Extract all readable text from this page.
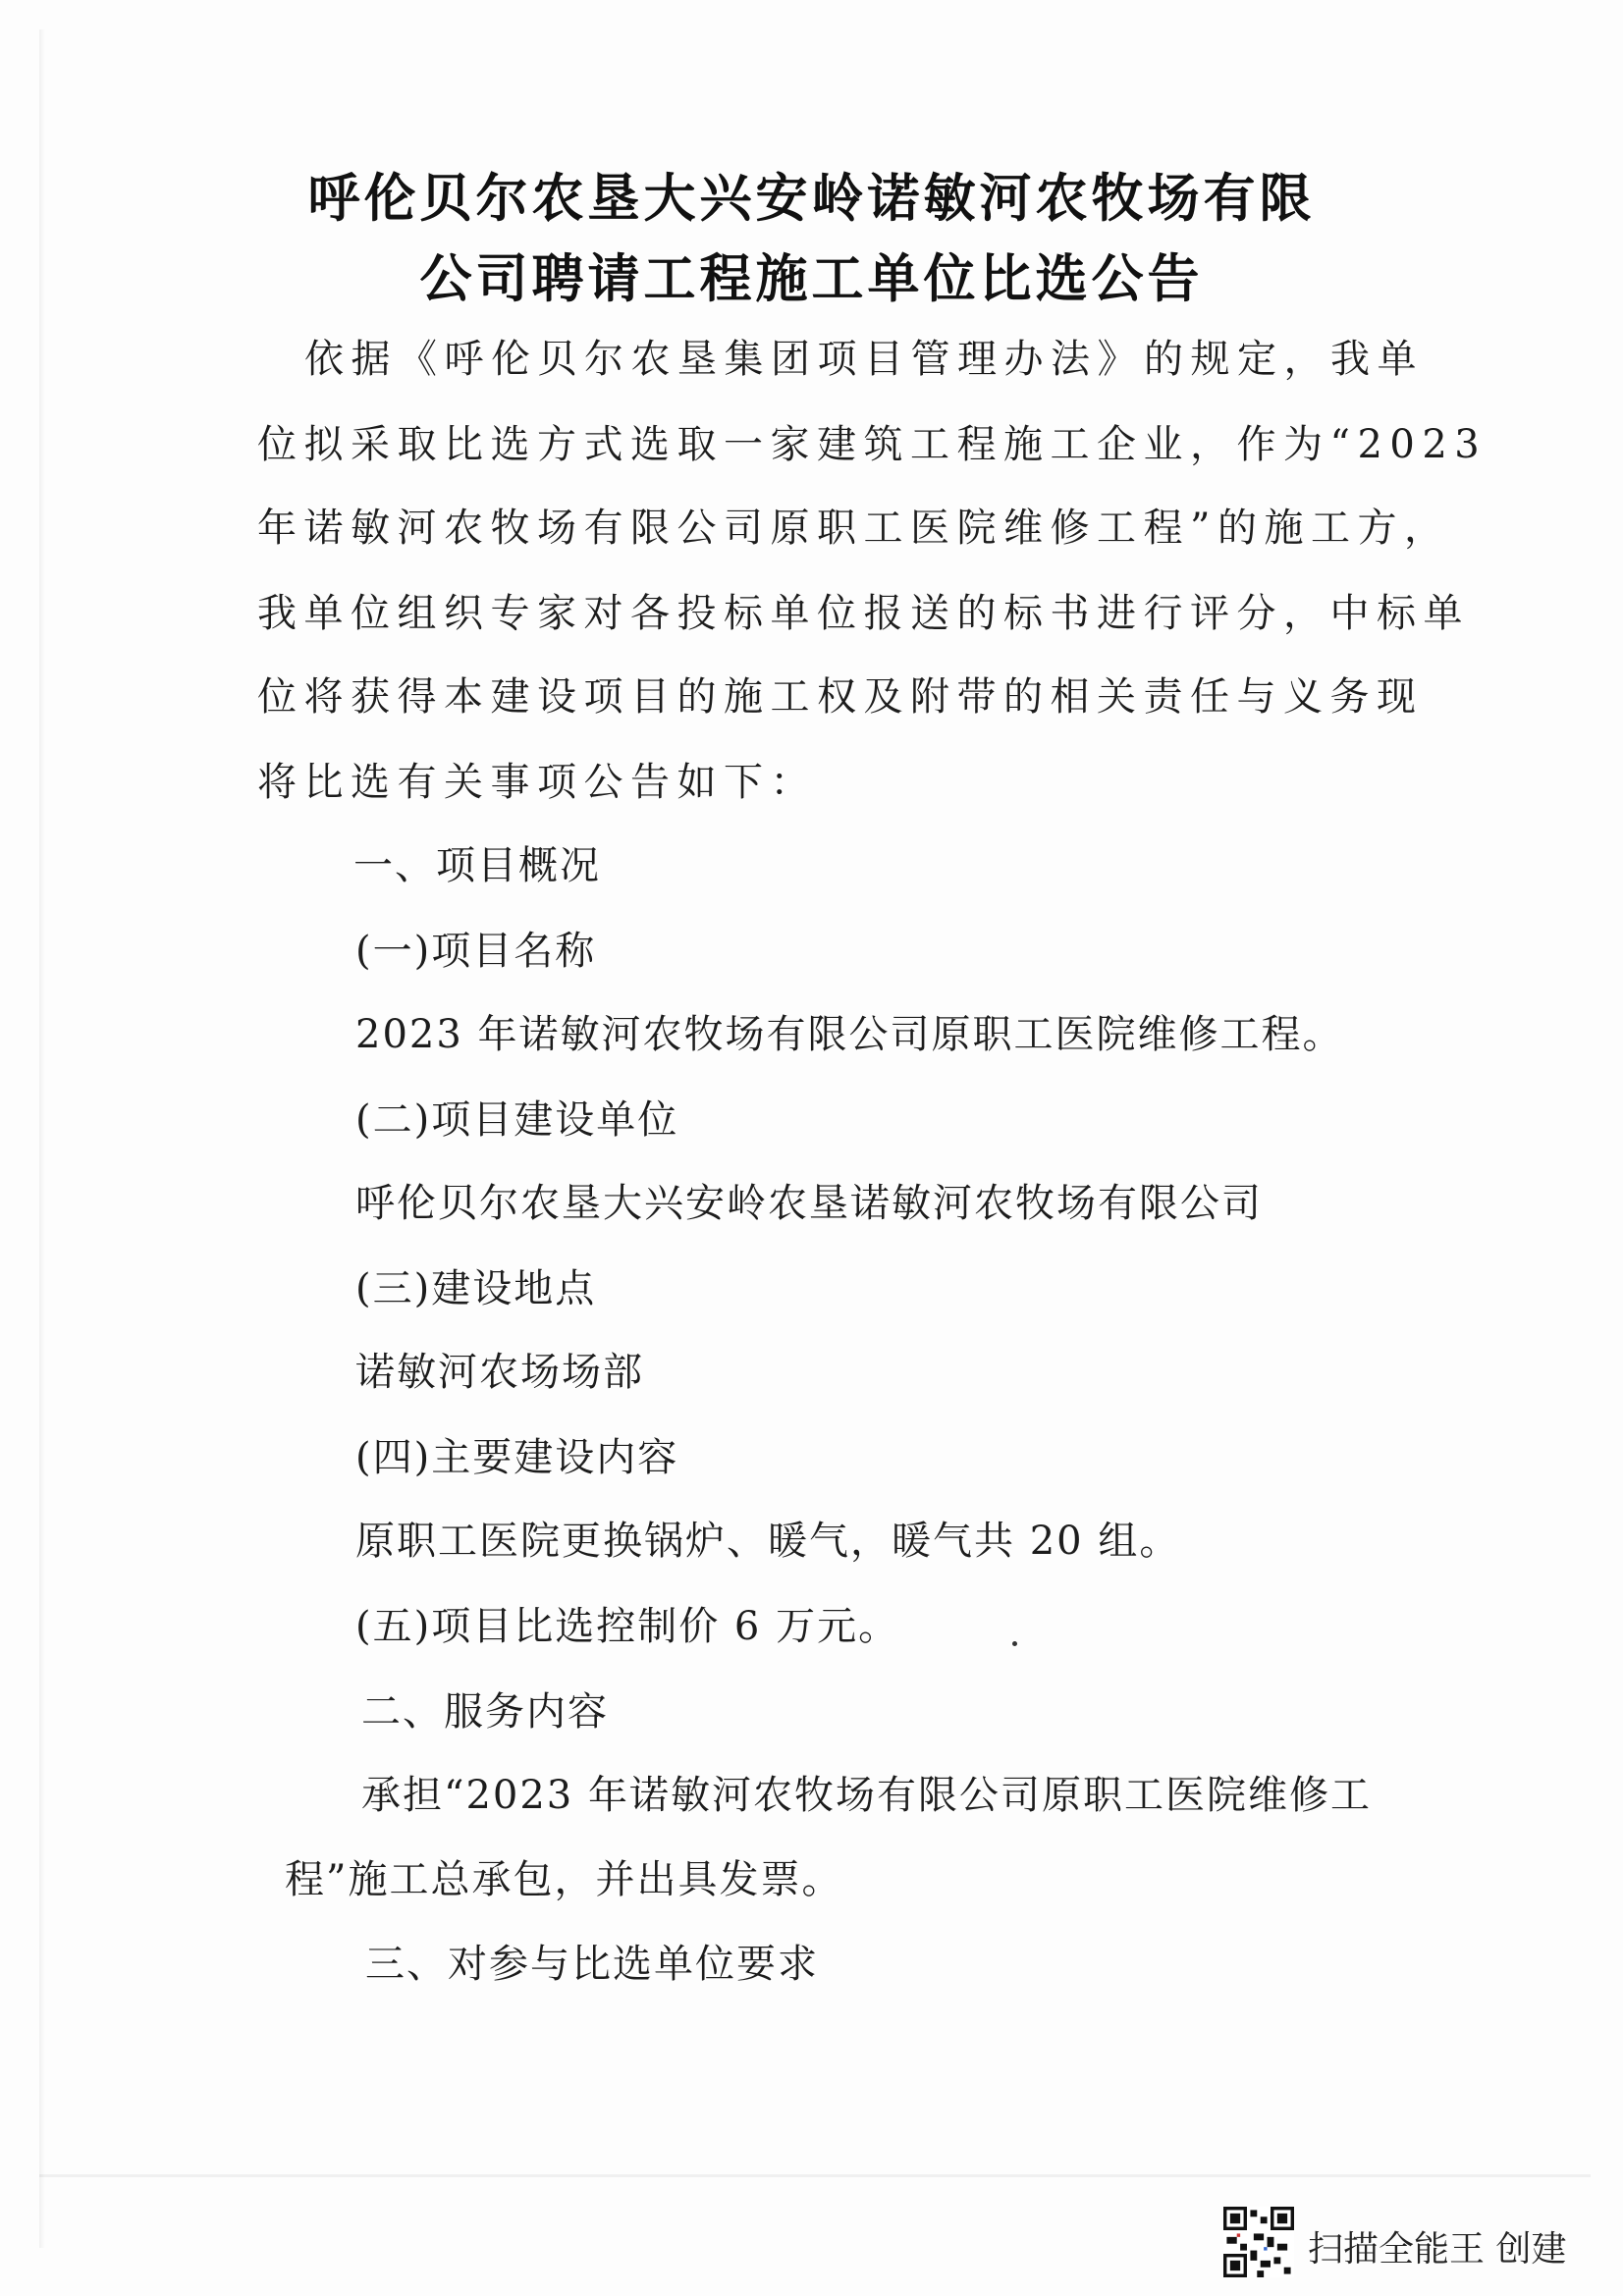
呼伦贝尔农垦大兴安岭诺敏河农牧场有限
公司聘请工程施工单位比选公告
依据《呼伦贝尔农垦集团项目管理办法》的规定，我单
位拟采取比选方式选取一家建筑工程施工企业，作为“2023
年诺敏河农牧场有限公司原职工医院维修工程”的施工方，
我单位组织专家对各投标单位报送的标书进行评分，中标单
位将获得本建设项目的施工权及附带的相关责任与义务现
将比选有关事项公告如下：
一、项目概况
(一)项目名称
2023 年诺敏河农牧场有限公司原职工医院维修工程。
(二)项目建设单位
呼伦贝尔农垦大兴安岭农垦诺敏河农牧场有限公司
(三)建设地点
诺敏河农场场部
(四)主要建设内容
原职工医院更换锅炉、暖气，暖气共 20 组。
(五)项目比选控制价 6 万元。
二、服务内容
承担“2023 年诺敏河农牧场有限公司原职工医院维修工
程”施工总承包，并出具发票。
三、对参与比选单位要求
扫描全能王 创建
